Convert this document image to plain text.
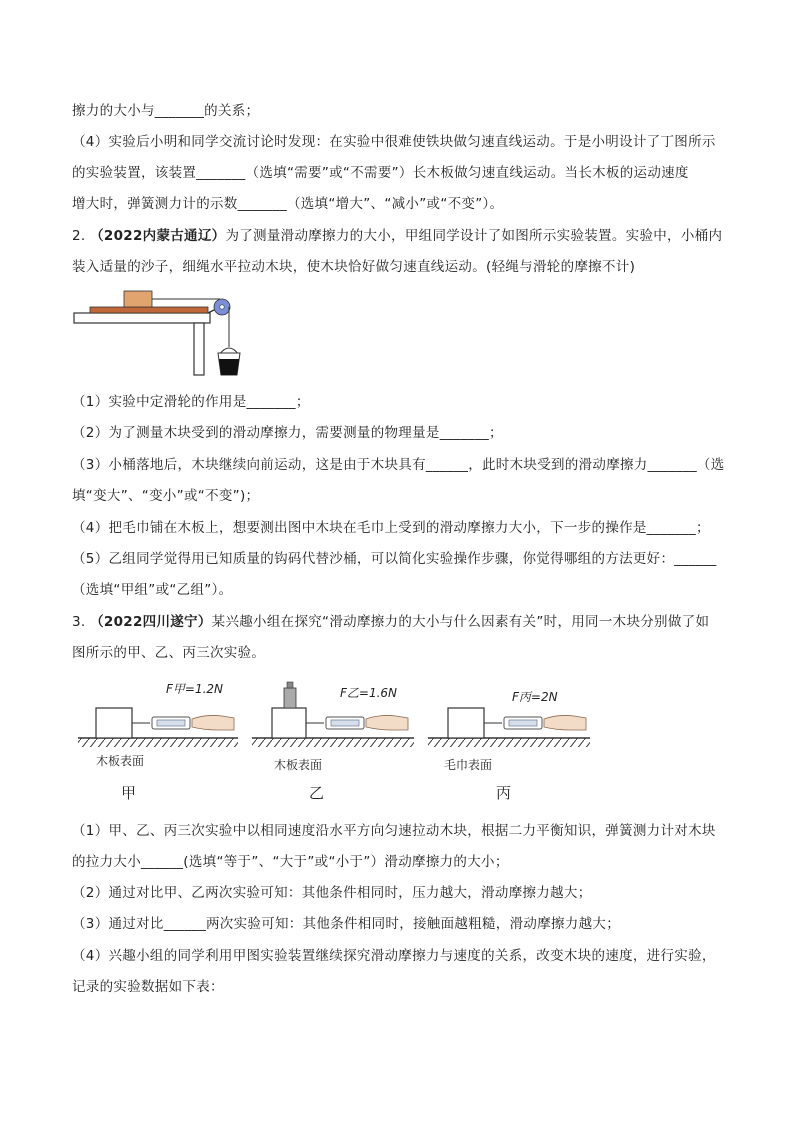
擦力的大小与_______的关系；
（4）实验后小明和同学交流讨论时发现：在实验中很难使铁块做匀速直线运动。于是小明设计了丁图所示
的实验装置，该装置_______（选填“需要”或“不需要”）长木板做匀速直线运动。当长木板的运动速度
增大时，弹簧测力计的示数_______（选填“增大”、“减小”或“不变”）。
2. （2022内蒙古通辽）为了测量滑动摩擦力的大小，甲组同学设计了如图所示实验装置。实验中，小桶内
装入适量的沙子，细绳水平拉动木块，使木块恰好做匀速直线运动。(轻绳与滑轮的摩擦不计)
（1）实验中定滑轮的作用是_______；
（2）为了测量木块受到的滑动摩擦力，需要测量的物理量是_______；
（3）小桶落地后，木块继续向前运动，这是由于木块具有______，此时木块受到的滑动摩擦力_______（选
填“变大”、“变小”或“不变”)；
（4）把毛巾铺在木板上，想要测出图中木块在毛巾上受到的滑动摩擦力大小，下一步的操作是_______；
（5）乙组同学觉得用已知质量的钩码代替沙桶，可以简化实验操作步骤，你觉得哪组的方法更好：______
（选填“甲组”或“乙组”）。
3. （2022四川遂宁）某兴趣小组在探究“滑动摩擦力的大小与什么因素有关”时，用同一木块分别做了如
图所示的甲、乙、丙三次实验。
F甲=1.2N	F乙=1.6N	F丙=2N
木板表面	木板表面	毛巾表面
甲	乙	丙
（1）甲、乙、丙三次实验中以相同速度沿水平方向匀速拉动木块，根据二力平衡知识，弹簧测力计对木块
的拉力大小______(选填“等于”、“大于”或“小于”）滑动摩擦力的大小；
（2）通过对比甲、乙两次实验可知：其他条件相同时，压力越大，滑动摩擦力越大；
（3）通过对比______两次实验可知：其他条件相同时，接触面越粗糙，滑动摩擦力越大；
（4）兴趣小组的同学利用甲图实验装置继续探究滑动摩擦力与速度的关系，改变木块的速度，进行实验，
记录的实验数据如下表：
